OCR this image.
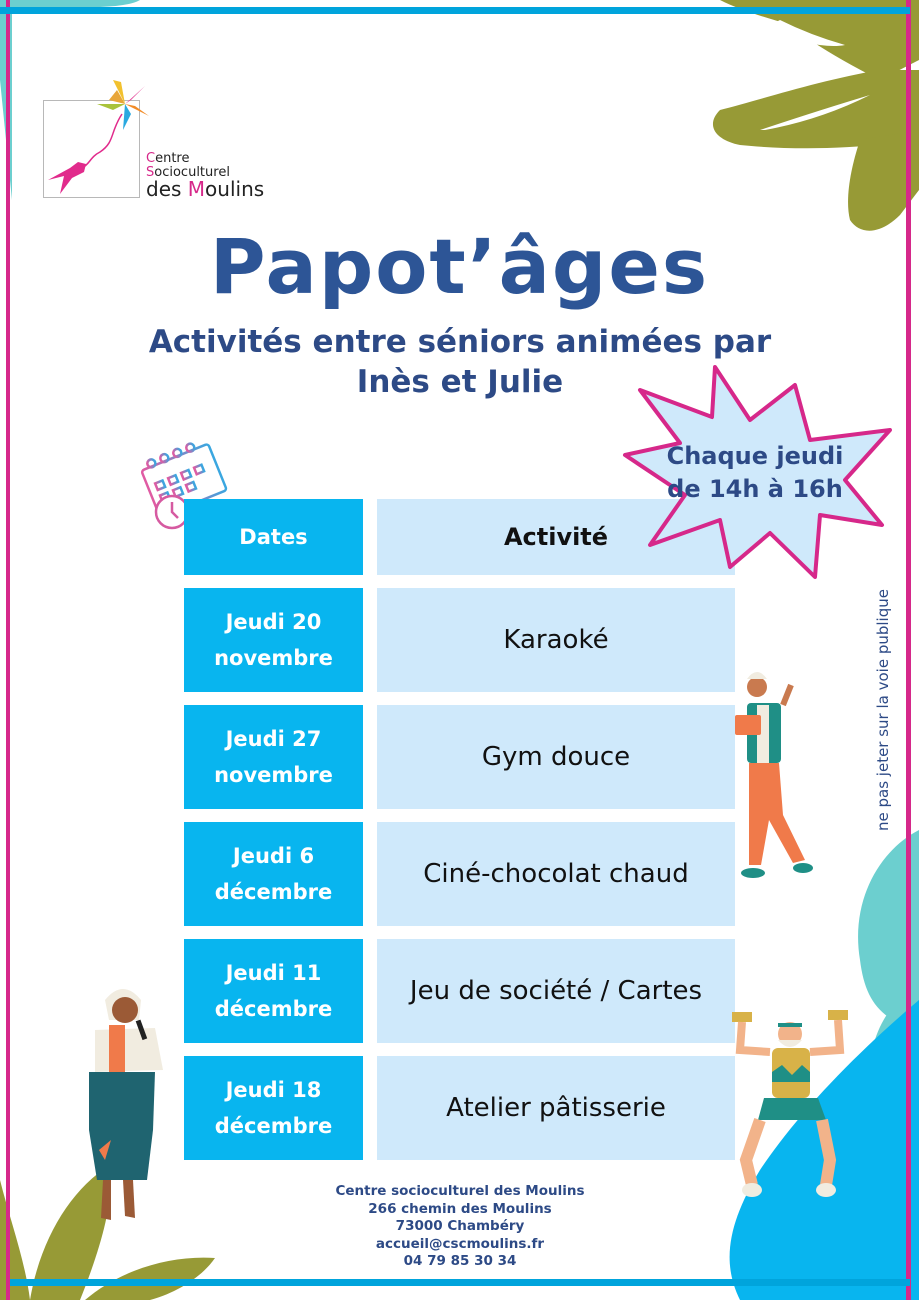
Centre
Socioculturel
des Moulins
Papot’âges
Activités entre séniors animées par
Inès et Julie
Dates	Activité
Jeudi 20
novembre
Karaoké
Jeudi 27
novembre
Gym douce
Jeudi 6
décembre
Ciné-chocolat chaud
Jeudi 11
décembre
Jeu de société / Cartes
Jeudi 18
décembre
Atelier pâtisserie
Chaque jeudi
de 14h à 16h
ne pas jeter sur la voie publique
Centre socioculturel des Moulins
266 chemin des Moulins
73000 Chambéry
accueil@cscmoulins.fr
04 79 85 30 34
